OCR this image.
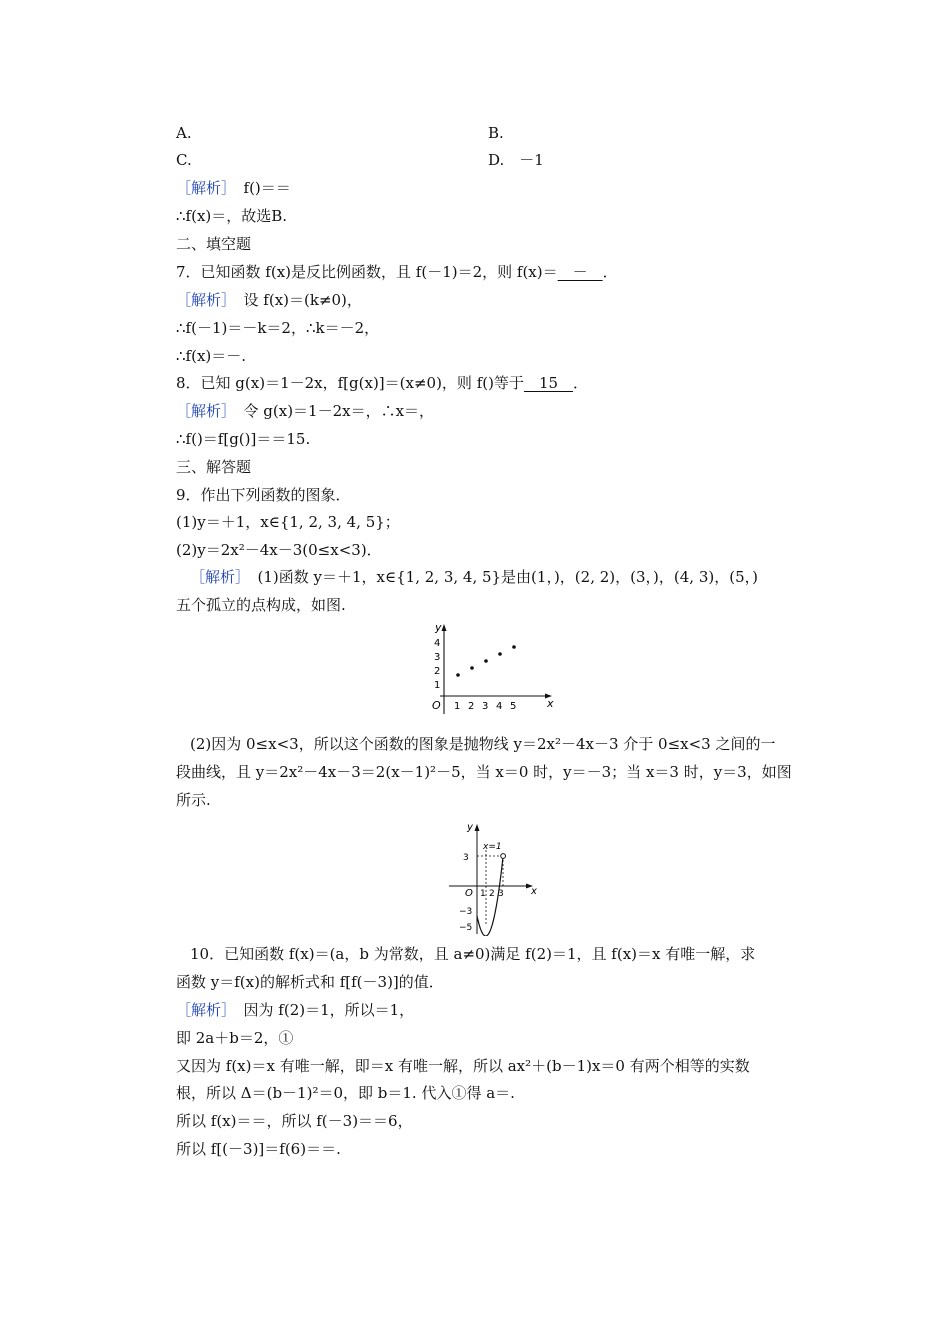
A.	B.
C.	D.　－1
［解析］　f()＝＝
∴f(x)＝，故选B.
二、填空题
7．已知函数 f(x)是反比例函数，且 f(－1)＝2，则 f(x)＝　－　．
［解析］　设 f(x)＝(k≠0)，
∴f(－1)＝－k＝2，∴k＝－2，
∴f(x)＝－.
8．已知 g(x)＝1－2x，f[g(x)]＝(x≠0)，则 f()等于　15　．
［解析］　令 g(x)＝1－2x＝，∴x＝，
∴f()＝f[g()]＝＝15.
三、解答题
9．作出下列函数的图象．
(1)y＝＋1，x∈{1, 2, 3, 4, 5}；
(2)y＝2x²－4x－3(0≤x<3)．
［解析］　(1)函数 y＝＋1，x∈{1, 2, 3, 4, 5}是由(1，)，(2, 2)，(3，)，(4, 3)，(5，)
五个孤立的点构成，如图.
x
y
O 1 2 3 4 5
1
2
3
4
(2)因为 0≤x<3，所以这个函数的图象是抛物线 y＝2x²－4x－3 介于 0≤x<3 之间的一
段曲线，且 y＝2x²－4x－3＝2(x－1)²－5，当 x＝0 时，y＝－3；当 x＝3 时，y＝3，如图
所示.
x=1
x
y
O 1 2 3
3
−3
−5
10．已知函数 f(x)＝(a，b 为常数，且 a≠0)满足 f(2)＝1，且 f(x)＝x 有唯一解，求
函数 y＝f(x)的解析式和 f[f(－3)]的值．
［解析］　因为 f(2)＝1，所以＝1，
即 2a＋b＝2，①
又因为 f(x)＝x 有唯一解，即＝x 有唯一解，所以 ax²＋(b－1)x＝0 有两个相等的实数
根，所以 Δ＝(b－1)²＝0，即 b＝1. 代入①得 a＝.
所以 f(x)＝＝，所以 f(－3)＝＝6，
所以 f[(－3)]＝f(6)＝＝.
